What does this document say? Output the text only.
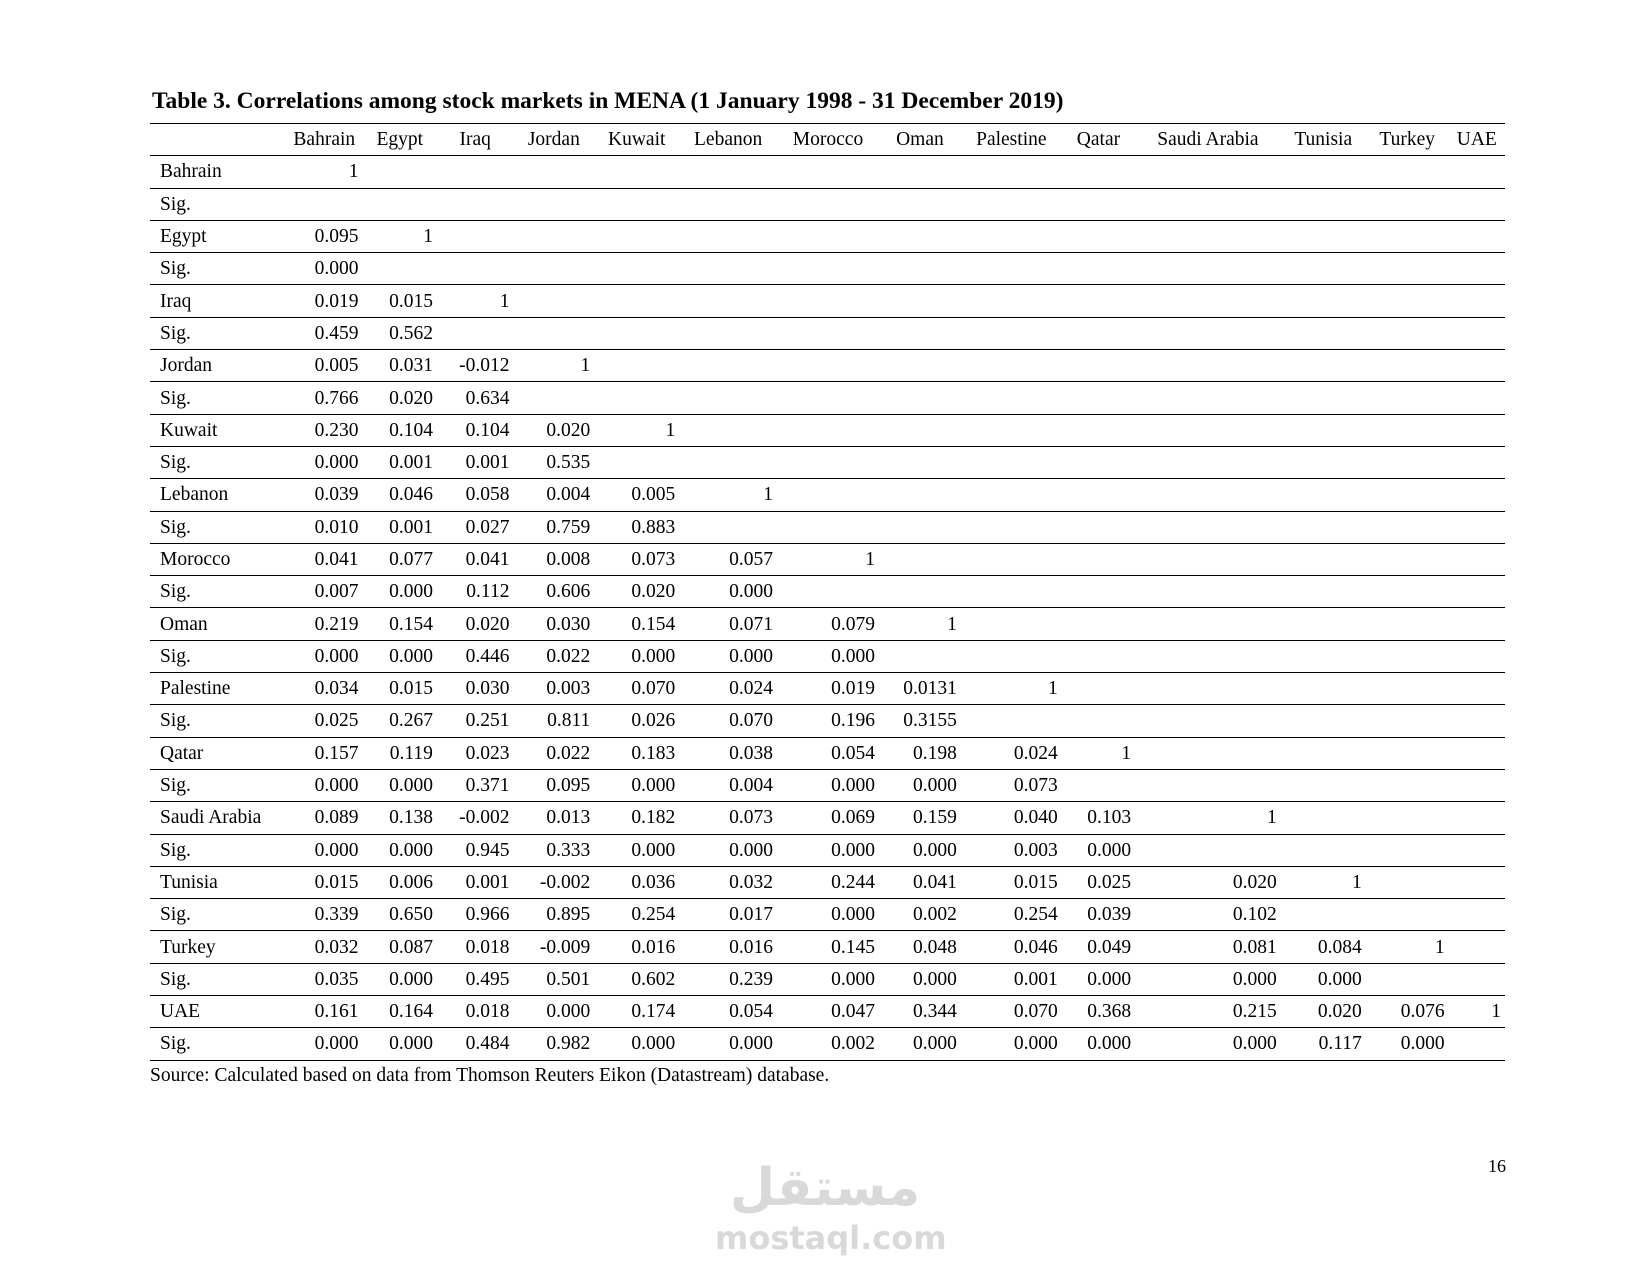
Table 3. Correlations among stock markets in MENA (1 January 1998 - 31 December 2019)
	Bahrain	Egypt	Iraq	Jordan	Kuwait	Lebanon	Morocco	Oman	Palestine	Qatar	Saudi Arabia	Tunisia	Turkey	UAE
Bahrain	1													
Sig.														
Egypt	0.095	1												
Sig.	0.000													
Iraq	0.019	0.015	1											
Sig.	0.459	0.562												
Jordan	0.005	0.031	-0.012	1										
Sig.	0.766	0.020	0.634											
Kuwait	0.230	0.104	0.104	0.020	1									
Sig.	0.000	0.001	0.001	0.535										
Lebanon	0.039	0.046	0.058	0.004	0.005	1								
Sig.	0.010	0.001	0.027	0.759	0.883									
Morocco	0.041	0.077	0.041	0.008	0.073	0.057	1							
Sig.	0.007	0.000	0.112	0.606	0.020	0.000								
Oman	0.219	0.154	0.020	0.030	0.154	0.071	0.079	1						
Sig.	0.000	0.000	0.446	0.022	0.000	0.000	0.000							
Palestine	0.034	0.015	0.030	0.003	0.070	0.024	0.019	0.0131	1					
Sig.	0.025	0.267	0.251	0.811	0.026	0.070	0.196	0.3155						
Qatar	0.157	0.119	0.023	0.022	0.183	0.038	0.054	0.198	0.024	1				
Sig.	0.000	0.000	0.371	0.095	0.000	0.004	0.000	0.000	0.073					
Saudi Arabia	0.089	0.138	-0.002	0.013	0.182	0.073	0.069	0.159	0.040	0.103	1			
Sig.	0.000	0.000	0.945	0.333	0.000	0.000	0.000	0.000	0.003	0.000				
Tunisia	0.015	0.006	0.001	-0.002	0.036	0.032	0.244	0.041	0.015	0.025	0.020	1		
Sig.	0.339	0.650	0.966	0.895	0.254	0.017	0.000	0.002	0.254	0.039	0.102			
Turkey	0.032	0.087	0.018	-0.009	0.016	0.016	0.145	0.048	0.046	0.049	0.081	0.084	1	
Sig.	0.035	0.000	0.495	0.501	0.602	0.239	0.000	0.000	0.001	0.000	0.000	0.000		
UAE	0.161	0.164	0.018	0.000	0.174	0.054	0.047	0.344	0.070	0.368	0.215	0.020	0.076	1
Sig.	0.000	0.000	0.484	0.982	0.000	0.000	0.002	0.000	0.000	0.000	0.000	0.117	0.000	
Source: Calculated based on data from Thomson Reuters Eikon (Datastream) database.
16
مستقل
mostaql.com
